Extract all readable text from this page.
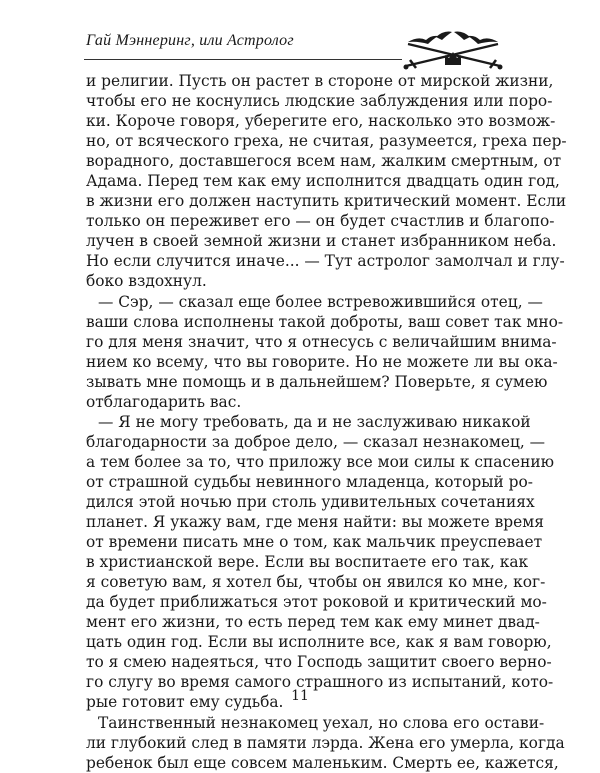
Гай Мэннеринг, или Астролог
и религии. Пусть он растет в стороне от мирской жизни,
чтобы его не коснулись людские заблуждения или поро-
ки. Короче говоря, уберегите его, насколько это возмож-
но, от всяческого греха, не считая, разумеется, греха пер-
ворадного, доставшегося всем нам, жалким смертным, от
Адама. Перед тем как ему исполнится двадцать один год,
в жизни его должен наступить критический момент. Если
только он переживет его — он будет счастлив и благопо-
лучен в своей земной жизни и станет избранником неба.
Но если случится иначе... — Тут астролог замолчал и глу-
боко вздохнул.
— Сэр, — сказал еще более встревожившийся отец, —
ваши слова исполнены такой доброты, ваш совет так мно-
го для меня значит, что я отнесусь с величайшим внима-
нием ко всему, что вы говорите. Но не можете ли вы ока-
зывать мне помощь и в дальнейшем? Поверьте, я сумею
отблагодарить вас.
— Я не могу требовать, да и не заслуживаю никакой
благодарности за доброе дело, — сказал незнакомец, —
а тем более за то, что приложу все мои силы к спасению
от страшной судьбы невинного младенца, который ро-
дился этой ночью при столь удивительных сочетаниях
планет. Я укажу вам, где меня найти: вы можете время
от времени писать мне о том, как мальчик преуспевает
в христианской вере. Если вы воспитаете его так, как
я советую вам, я хотел бы, чтобы он явился ко мне, ког-
да будет приближаться этот роковой и критический мо-
мент его жизни, то есть перед тем как ему минет двад-
цать один год. Если вы исполните все, как я вам говорю,
то я смею надеяться, что Господь защитит своего верно-
го слугу во время самого страшного из испытаний, кото-
рые готовит ему судьба.
Таинственный незнакомец уехал, но слова его остави-
ли глубокий след в памяти лэрда. Жена его умерла, когда
ребенок был еще совсем маленьким. Смерть ее, кажется,
11
